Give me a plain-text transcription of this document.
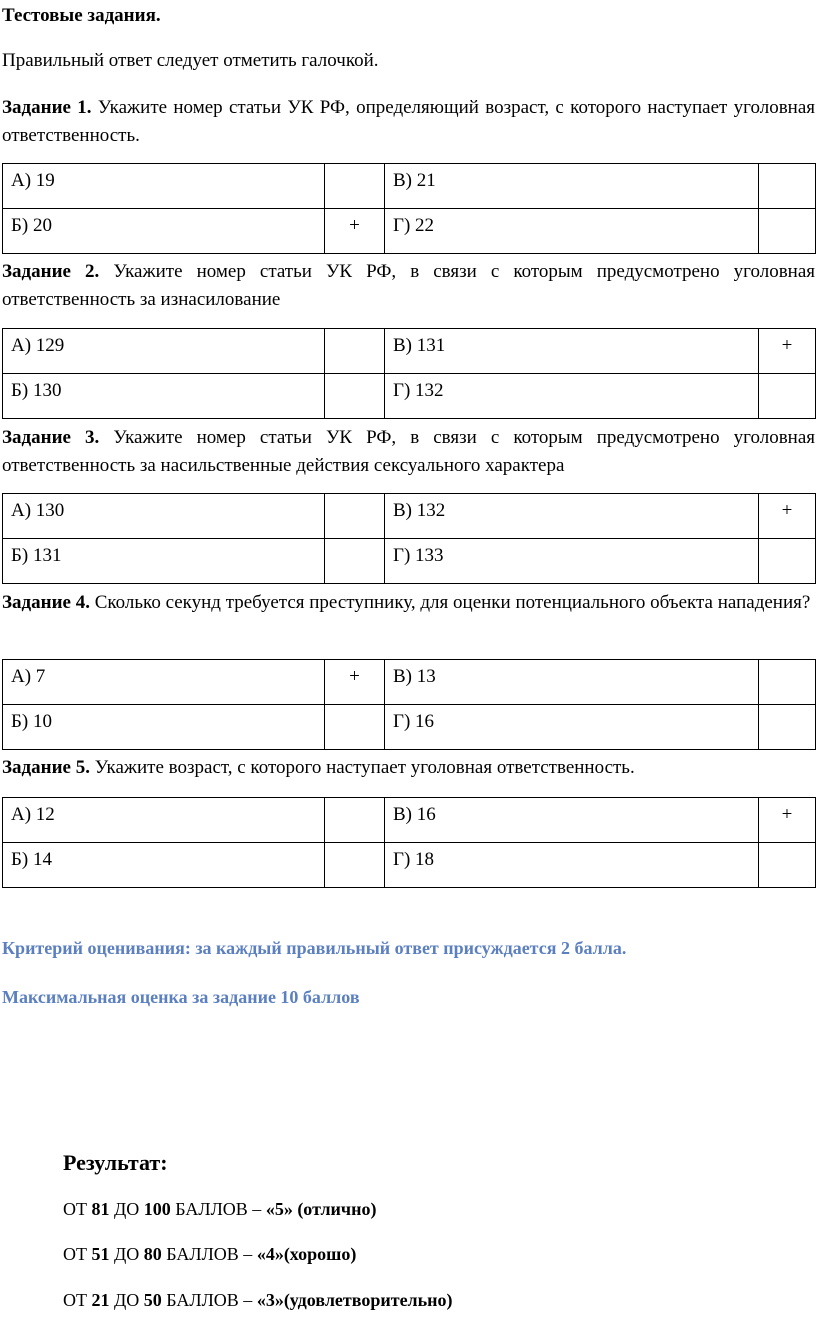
Тестовые задания.
Правильный ответ следует отметить галочкой.
Задание 1. Укажите номер статьи УК РФ, определяющий возраст, с которого наступает уголовная ответственность.
А) 19		В) 21	
Б) 20	+	Г) 22	
Задание 2. Укажите номер статьи УК РФ, в связи с которым предусмотрено уголовная ответственность за изнасилование
А) 129		В) 131	+
Б) 130		Г) 132	
Задание 3. Укажите номер статьи УК РФ, в связи с которым предусмотрено уголовная ответственность за насильственные действия сексуального характера
А) 130		В) 132	+
Б) 131		Г) 133	
Задание 4. Сколько секунд требуется преступнику, для оценки потенциального объекта нападения?
А) 7	+	В) 13	
Б) 10		Г) 16	
Задание 5. Укажите возраст, с которого наступает уголовная ответственность.
А) 12		В) 16	+
Б) 14		Г) 18	
Критерий оценивания: за каждый правильный ответ присуждается 2 балла.
Максимальная оценка за задание 10 баллов
Результат:
ОТ 81 ДО 100 БАЛЛОВ – «5» (отлично)
ОТ 51 ДО 80 БАЛЛОВ – «4»(хорошо)
ОТ 21 ДО 50 БАЛЛОВ – «3»(удовлетворительно)
